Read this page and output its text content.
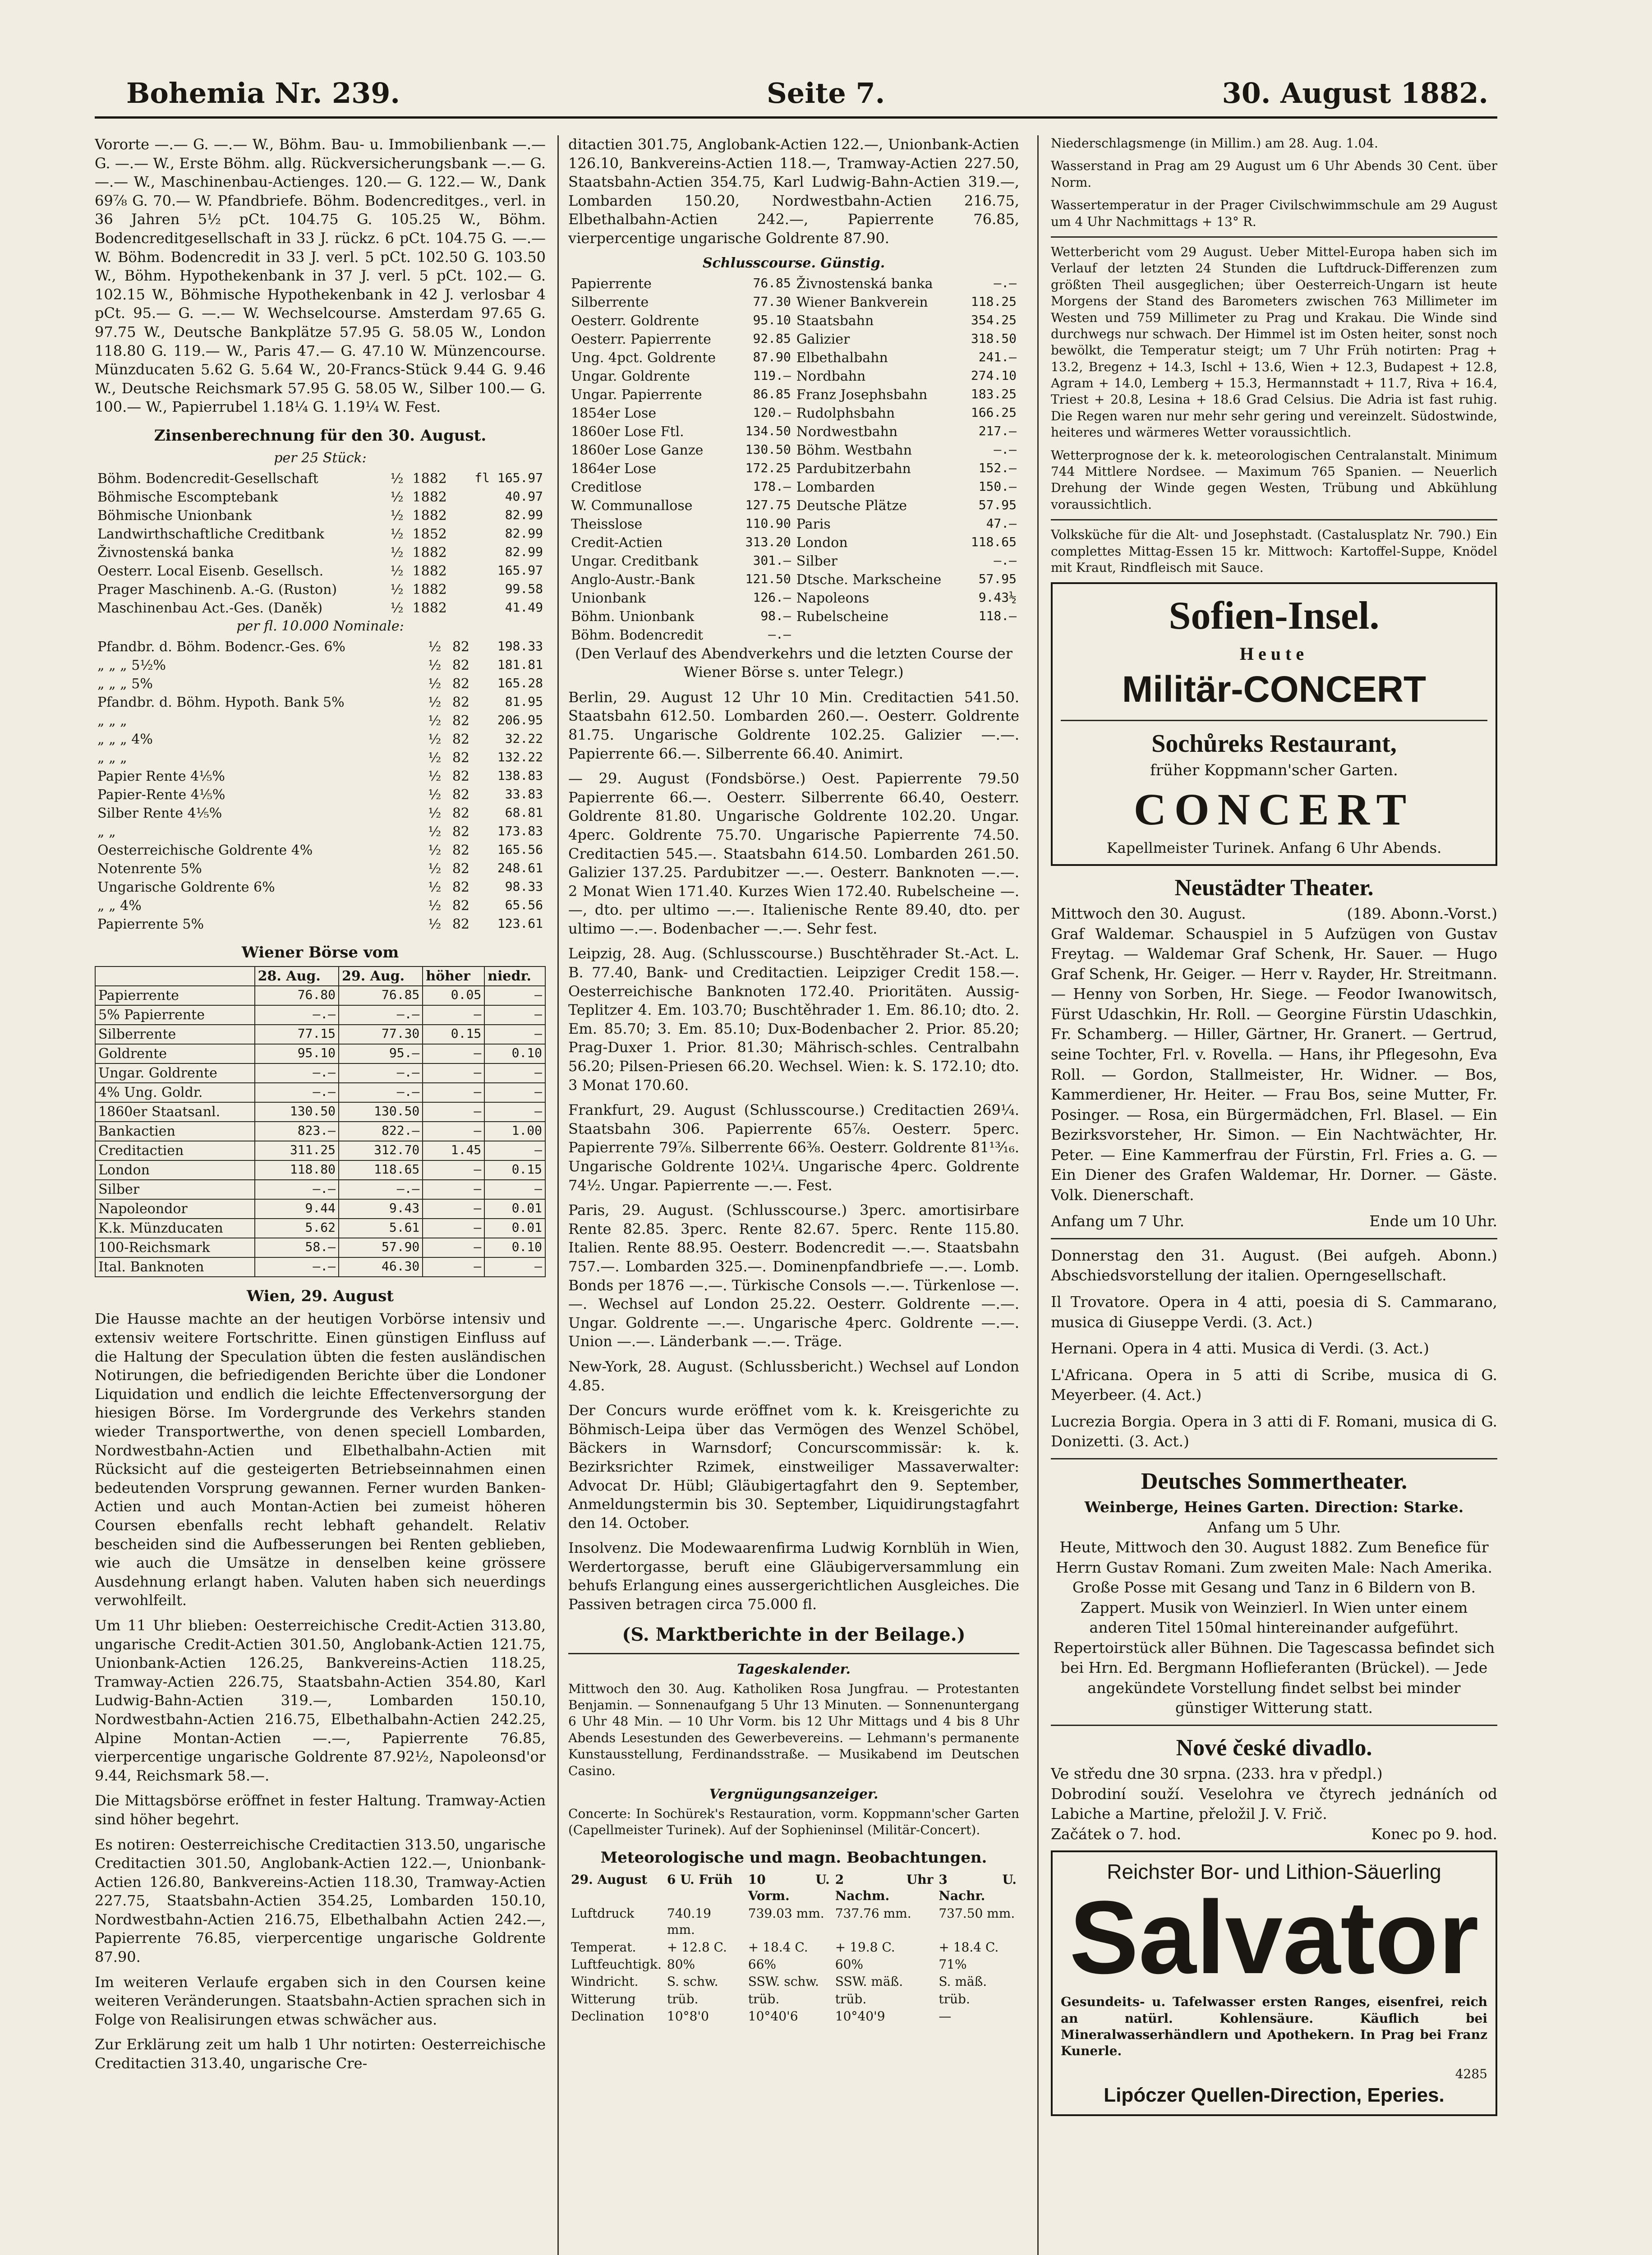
Bohemia Nr. 239.	Seite 7.	30. August 1882.

Vororte —.— G. —.— W., Böhm. Bau- u. Immobilienbank —.— G. —.— W., Erste Böhm. allg. Rückversicherungsbank —.— G. —.— W., Maschinenbau-Actienges. 120.— G. 122.— W., Dank 69⅞ G. 70.— W. Pfandbriefe. Böhm. Bodencreditges., verl. in 36 Jahren 5½ pCt. 104.75 G. 105.25 W., Böhm. Bodencreditgesellschaft in 33 J. rückz. 6 pCt. 104.75 G. —.— W. Böhm. Bodencredit in 33 J. verl. 5 pCt. 102.50 G. 103.50 W., Böhm. Hypothekenbank in 37 J. verl. 5 pCt. 102.— G. 102.15 W., Böhmische Hypothekenbank in 42 J. verlosbar 4 pCt. 95.— G. —.— W. Wechselcourse. Amsterdam 97.65 G. 97.75 W., Deutsche Bankplätze 57.95 G. 58.05 W., London 118.80 G. 119.— W., Paris 47.— G. 47.10 W. Münzencourse. Münzducaten 5.62 G. 5.64 W., 20-Francs-Stück 9.44 G. 9.46 W., Deutsche Reichsmark 57.95 G. 58.05 W., Silber 100.— G. 100.— W., Papierrubel 1.18¼ G. 1.19¼ W. Fest.

Zinsenberechnung für den 30. August.
per 25 Stück:
Böhm. Bodencredit-Gesellschaft	½	1882	fl 165.97
Böhmische Escomptebank	½	1882	40.97
Böhmische Unionbank	½	1882	82.99
Landwirthschaftliche Creditbank	½	1852	82.99
Živnostenská banka	½	1882	82.99
Oesterr. Local Eisenb. Gesellsch.	½	1882	165.97
Prager Maschinenb. A.-G. (Ruston)	½	1882	99.58
Maschinenbau Act.-Ges. (Daněk)	½	1882	41.49
per fl. 10.000 Nominale:
Pfandbr. d. Böhm. Bodencr.-Ges. 6%	½	82	198.33
„ „ „ 5½%	½	82	181.81
„ „ „ 5%	½	82	165.28
Pfandbr. d. Böhm. Hypoth. Bank 5%	½	82	81.95
„ „ „	½	82	206.95
„ „ „ 4%	½	82	32.22
„ „ „	½	82	132.22
Papier Rente 4⅕%	½	82	138.83
Papier-Rente 4⅕%	½	82	33.83
Silber Rente 4⅕%	½	82	68.81
„ „	½	82	173.83
Oesterreichische Goldrente 4%	½	82	165.56
Notenrente 5%	½	82	248.61
Ungarische Goldrente 6%	½	82	98.33
„ „ 4%	½	82	65.56
Papierrente 5%	½	82	123.61
Wiener Börse vom
	28. Aug.	29. Aug.	höher	niedr.
Papierrente	76.80	76.85	0.05	—
5% Papierrente	—.—	—.—	—	—
Silberrente	77.15	77.30	0.15	—
Goldrente	95.10	95.—	—	0.10
Ungar. Goldrente	—.—	—.—	—	—
4% Ung. Goldr.	—.—	—.—	—	—
1860er Staatsanl.	130.50	130.50	—	—
Bankactien	823.—	822.—	—	1.00
Creditactien	311.25	312.70	1.45	—
London	118.80	118.65	—	0.15
Silber	—.—	—.—	—	—
Napoleondor	9.44	9.43	—	0.01
K.k. Münzducaten	5.62	5.61	—	0.01
100-Reichsmark	58.—	57.90	—	0.10
Ital. Banknoten	—.—	46.30	—	—
Wien, 29. August

Die Hausse machte an der heutigen Vorbörse intensiv und extensiv weitere Fortschritte. Einen günstigen Einfluss auf die Haltung der Speculation übten die festen ausländischen Notirungen, die befriedigenden Berichte über die Londoner Liquidation und endlich die leichte Effectenversorgung der hiesigen Börse. Im Vordergrunde des Verkehrs standen wieder Transportwerthe, von denen speciell Lombarden, Nordwestbahn-Actien und Elbethalbahn-Actien mit Rücksicht auf die gesteigerten Betriebseinnahmen einen bedeutenden Vorsprung gewannen. Ferner wurden Banken-Actien und auch Montan-Actien bei zumeist höheren Coursen ebenfalls recht lebhaft gehandelt. Relativ bescheiden sind die Aufbesserungen bei Renten geblieben, wie auch die Umsätze in denselben keine grössere Ausdehnung erlangt haben. Valuten haben sich neuerdings verwohlfeilt.

Um 11 Uhr blieben: Oesterreichische Credit-Actien 313.80, ungarische Credit-Actien 301.50, Anglobank-Actien 121.75, Unionbank-Actien 126.25, Bankvereins-Actien 118.25, Tramway-Actien 226.75, Staatsbahn-Actien 354.80, Karl Ludwig-Bahn-Actien 319.—, Lombarden 150.10, Nordwestbahn-Actien 216.75, Elbethalbahn-Actien 242.25, Alpine Montan-Actien —.—, Papierrente 76.85, vierpercentige ungarische Goldrente 87.92½, Napoleonsd'or 9.44, Reichsmark 58.—.

Die Mittagsbörse eröffnet in fester Haltung. Tramway-Actien sind höher begehrt.

Es notiren: Oesterreichische Creditactien 313.50, ungarische Creditactien 301.50, Anglobank-Actien 122.—, Unionbank-Actien 126.80, Bankvereins-Actien 118.30, Tramway-Actien 227.75, Staatsbahn-Actien 354.25, Lombarden 150.10, Nordwestbahn-Actien 216.75, Elbethalbahn Actien 242.—, Papierrente 76.85, vierpercentige ungarische Goldrente 87.90.

Im weiteren Verlaufe ergaben sich in den Coursen keine weiteren Veränderungen. Staatsbahn-Actien sprachen sich in Folge von Realisirungen etwas schwächer aus.

Zur Erklärung zeit um halb 1 Uhr notirten: Oesterreichische Creditactien 313.40, ungarische Cre-

ditactien 301.75, Anglobank-Actien 122.—, Unionbank-Actien 126.10, Bankvereins-Actien 118.—, Tramway-Actien 227.50, Staatsbahn-Actien 354.75, Karl Ludwig-Bahn-Actien 319.—, Lombarden 150.20, Nordwestbahn-Actien 216.75, Elbethalbahn-Actien 242.—, Papierrente 76.85, vierpercentige ungarische Goldrente 87.90.

Schlusscourse. Günstig.
Papierrente	76.85	Živnostenská banka	—.—
Silberrente	77.30	Wiener Bankverein	118.25
Oesterr. Goldrente	95.10	Staatsbahn	354.25
Oesterr. Papierrente	92.85	Galizier	318.50
Ung. 4pct. Goldrente	87.90	Elbethalbahn	241.—
Ungar. Goldrente	119.—	Nordbahn	274.10
Ungar. Papierrente	86.85	Franz Josephsbahn	183.25
1854er Lose	120.—	Rudolphsbahn	166.25
1860er Lose Ftl.	134.50	Nordwestbahn	217.—
1860er Lose Ganze	130.50	Böhm. Westbahn	—.—
1864er Lose	172.25	Pardubitzerbahn	152.—
Creditlose	178.—	Lombarden	150.—
W. Communallose	127.75	Deutsche Plätze	57.95
Theisslose	110.90	Paris	47.—
Credit-Actien	313.20	London	118.65
Ungar. Creditbank	301.—	Silber	—.—
Anglo-Austr.-Bank	121.50	Dtsche. Markscheine	57.95
Unionbank	126.—	Napoleons	9.43½
Böhm. Unionbank	98.—	Rubelscheine	118.—
Böhm. Bodencredit	—.—		

(Den Verlauf des Abendverkehrs und die letzten Course der Wiener Börse s. unter Telegr.)

Berlin, 29. August 12 Uhr 10 Min. Creditactien 541.50. Staatsbahn 612.50. Lombarden 260.—. Oesterr. Goldrente 81.75. Ungarische Goldrente 102.25. Galizier —.—. Papierrente 66.—. Silberrente 66.40. Animirt.

— 29. August (Fondsbörse.) Oest. Papierrente 79.50 Papierrente 66.—. Oesterr. Silberrente 66.40, Oesterr. Goldrente 81.80. Ungarische Goldrente 102.20. Ungar. 4perc. Goldrente 75.70. Ungarische Papierrente 74.50. Creditactien 545.—. Staatsbahn 614.50. Lombarden 261.50. Galizier 137.25. Pardubitzer —.—. Oesterr. Banknoten —.—. 2 Monat Wien 171.40. Kurzes Wien 172.40. Rubelscheine —.—, dto. per ultimo —.—. Italienische Rente 89.40, dto. per ultimo —.—. Bodenbacher —.—. Sehr fest.

Leipzig, 28. Aug. (Schlusscourse.) Buschtěhrader St.-Act. L. B. 77.40, Bank- und Creditactien. Leipziger Credit 158.—. Oesterreichische Banknoten 172.40. Prioritäten. Aussig-Teplitzer 4. Em. 103.70; Buschtěhrader 1. Em. 86.10; dto. 2. Em. 85.70; 3. Em. 85.10; Dux-Bodenbacher 2. Prior. 85.20; Prag-Duxer 1. Prior. 81.30; Mährisch-schles. Centralbahn 56.20; Pilsen-Priesen 66.20. Wechsel. Wien: k. S. 172.10; dto. 3 Monat 170.60.

Frankfurt, 29. August (Schlusscourse.) Creditactien 269¼. Staatsbahn 306. Papierrente 65⅞. Oesterr. 5perc. Papierrente 79⅞. Silberrente 66⅜. Oesterr. Goldrente 81¹³⁄₁₆. Ungarische Goldrente 102¼. Ungarische 4perc. Goldrente 74½. Ungar. Papierrente —.—. Fest.

Paris, 29. August. (Schlusscourse.) 3perc. amortisirbare Rente 82.85. 3perc. Rente 82.67. 5perc. Rente 115.80. Italien. Rente 88.95. Oesterr. Bodencredit —.—. Staatsbahn 757.—. Lombarden 325.—. Dominenpfandbriefe —.—. Lomb. Bonds per 1876 —.—. Türkische Consols —.—. Türkenlose —.—. Wechsel auf London 25.22. Oesterr. Goldrente —.—. Ungar. Goldrente —.—. Ungarische 4perc. Goldrente —.—. Union —.—. Länderbank —.—. Träge.

New-York, 28. August. (Schlussbericht.) Wechsel auf London 4.85.

Der Concurs wurde eröffnet vom k. k. Kreisgerichte zu Böhmisch-Leipa über das Vermögen des Wenzel Schöbel, Bäckers in Warnsdorf; Concurscommissär: k. k. Bezirksrichter Rzimek, einstweiliger Massaverwalter: Advocat Dr. Hübl; Gläubigertagfahrt den 9. September, Anmeldungstermin bis 30. September, Liquidirungstagfahrt den 14. October.

Insolvenz. Die Modewaarenfirma Ludwig Kornblüh in Wien, Werdertorgasse, beruft eine Gläubigerversammlung ein behufs Erlangung eines aussergerichtlichen Ausgleiches. Die Passiven betragen circa 75.000 fl.

(S. Marktberichte in der Beilage.)
Tageskalender.

Mittwoch den 30. Aug. Katholiken Rosa Jungfrau. — Protestanten Benjamin. — Sonnenaufgang 5 Uhr 13 Minuten. — Sonnenuntergang 6 Uhr 48 Min. — 10 Uhr Vorm. bis 12 Uhr Mittags und 4 bis 8 Uhr Abends Lesestunden des Gewerbevereins. — Lehmann's permanente Kunstausstellung, Ferdinandsstraße. — Musikabend im Deutschen Casino.

Vergnügungsanzeiger.

Concerte: In Sochürek's Restauration, vorm. Koppmann'scher Garten (Capellmeister Turinek). Auf der Sophieninsel (Militär-Concert).

Meteorologische und magn. Beobachtungen.
29. August	6 U. Früh	10 U. Vorm.	2 Uhr Nachm.	3 U. Nachr.
Luftdruck	740.19 mm.	739.03 mm.	737.76 mm.	737.50 mm.
Temperat.	+ 12.8 C.	+ 18.4 C.	+ 19.8 C.	+ 18.4 C.
Luftfeuchtigk.	80%	66%	60%	71%
Windricht.	S. schw.	SSW. schw.	SSW. mäß.	S. mäß.
Witterung	trüb.	trüb.	trüb.	trüb.
Declination	10°8'0	10°40'6	10°40'9	—

Niederschlagsmenge (in Millim.) am 28. Aug. 1.04.

Wasserstand in Prag am 29 August um 6 Uhr Abends 30 Cent. über Norm.

Wassertemperatur in der Prager Civilschwimmschule am 29 August um 4 Uhr Nachmittags + 13° R.

Wetterbericht vom 29 August. Ueber Mittel-Europa haben sich im Verlauf der letzten 24 Stunden die Luftdruck-Differenzen zum größten Theil ausgeglichen; über Oesterreich-Ungarn ist heute Morgens der Stand des Barometers zwischen 763 Millimeter im Westen und 759 Millimeter zu Prag und Krakau. Die Winde sind durchwegs nur schwach. Der Himmel ist im Osten heiter, sonst noch bewölkt, die Temperatur steigt; um 7 Uhr Früh notirten: Prag + 13.2, Bregenz + 14.3, Ischl + 13.6, Wien + 12.3, Budapest + 12.8, Agram + 14.0, Lemberg + 15.3, Hermannstadt + 11.7, Riva + 16.4, Triest + 20.8, Lesina + 18.6 Grad Celsius. Die Adria ist fast ruhig. Die Regen waren nur mehr sehr gering und vereinzelt. Südostwinde, heiteres und wärmeres Wetter voraussichtlich.

Wetterprognose der k. k. meteorologischen Centralanstalt. Minimum 744 Mittlere Nordsee. — Maximum 765 Spanien. — Neuerlich Drehung der Winde gegen Westen, Trübung und Abkühlung voraussichtlich.

Volksküche für die Alt- und Josephstadt. (Castalusplatz Nr. 790.) Ein complettes Mittag-Essen 15 kr. Mittwoch: Kartoffel-Suppe, Knödel mit Kraut, Rindfleisch mit Sauce.

Sofien-Insel.
Heute
Militär-CONCERT
Sochůreks Restaurant,
früher Koppmann'scher Garten.
CONCERT
Kapellmeister Turinek. Anfang 6 Uhr Abends.
Neustädter Theater.
Mittwoch den 30. August.	(189. Abonn.-Vorst.)

Graf Waldemar. Schauspiel in 5 Aufzügen von Gustav Freytag. — Waldemar Graf Schenk, Hr. Sauer. — Hugo Graf Schenk, Hr. Geiger. — Herr v. Rayder, Hr. Streitmann. — Henny von Sorben, Hr. Siege. — Feodor Iwanowitsch, Fürst Udaschkin, Hr. Roll. — Georgine Fürstin Udaschkin, Fr. Schamberg. — Hiller, Gärtner, Hr. Granert. — Gertrud, seine Tochter, Frl. v. Rovella. — Hans, ihr Pflegesohn, Eva Roll. — Gordon, Stallmeister, Hr. Widner. — Bos, Kammerdiener, Hr. Heiter. — Frau Bos, seine Mutter, Fr. Posinger. — Rosa, ein Bürgermädchen, Frl. Blasel. — Ein Bezirksvorsteher, Hr. Simon. — Ein Nachtwächter, Hr. Peter. — Eine Kammerfrau der Fürstin, Frl. Fries a. G. — Ein Diener des Grafen Waldemar, Hr. Dorner. — Gäste. Volk. Dienerschaft.

Anfang um 7 Uhr.	Ende um 10 Uhr.

Donnerstag den 31. August. (Bei aufgeh. Abonn.) Abschiedsvorstellung der italien. Operngesellschaft.

Il Trovatore. Opera in 4 atti, poesia di S. Cammarano, musica di Giuseppe Verdi. (3. Act.)

Hernani. Opera in 4 atti. Musica di Verdi. (3. Act.)

L'Africana. Opera in 5 atti di Scribe, musica di G. Meyerbeer. (4. Act.)

Lucrezia Borgia. Opera in 3 atti di F. Romani, musica di G. Donizetti. (3. Act.)

Deutsches Sommertheater.
Weinberge, Heines Garten. Direction: Starke.
Anfang um 5 Uhr.

Heute, Mittwoch den 30. August 1882. Zum Benefice für Herrn Gustav Romani. Zum zweiten Male: Nach Amerika. Große Posse mit Gesang und Tanz in 6 Bildern von B. Zappert. Musik von Weinzierl. In Wien unter einem anderen Titel 150mal hintereinander aufgeführt. Repertoirstück aller Bühnen. Die Tagescassa befindet sich bei Hrn. Ed. Bergmann Hoflieferanten (Brückel). — Jede angekündete Vorstellung findet selbst bei minder günstiger Witterung statt.

Nové české divadlo.

Ve středu dne 30 srpna. (233. hra v předpl.)

Dobrodiní souží. Veselohra ve čtyrech jednáních od Labiche a Martine, přeložil J. V. Frič.

Začátek o 7. hod.	Konec po 9. hod.
Reichster Bor- und Lithion-Säuerling
Salvator

Gesundeits- u. Tafelwasser ersten Ranges, eisenfrei, reich an natürl. Kohlensäure. Käuflich bei Mineralwasserhändlern und Apothekern. In Prag bei Franz Kunerle.

4285
Lipóczer Quellen-Direction, Eperies.
